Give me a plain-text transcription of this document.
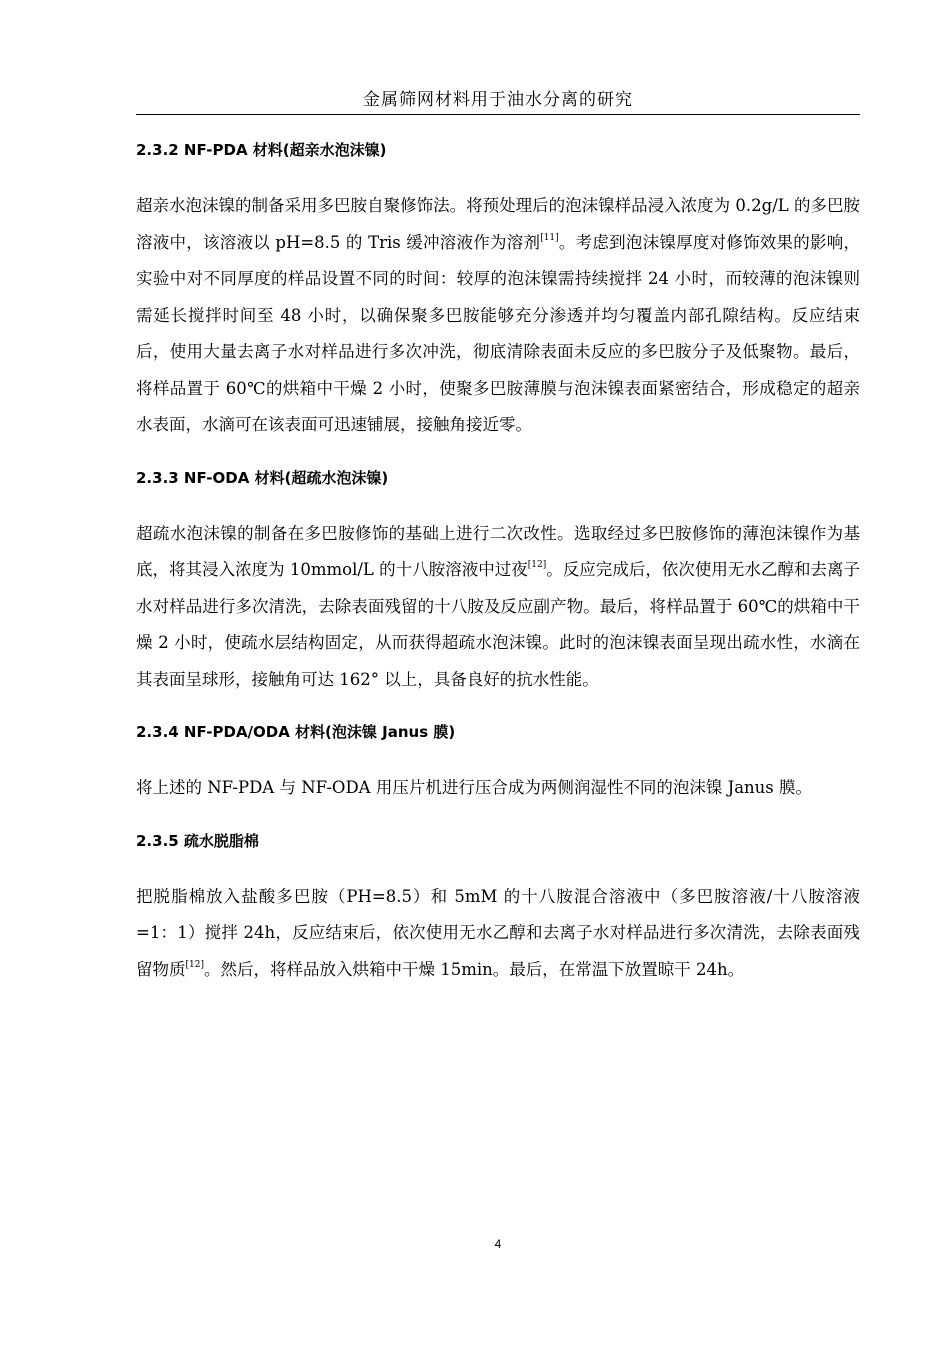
金属筛网材料用于油水分离的研究
2.3.2 NF-PDA 材料(超亲水泡沫镍)

超亲水泡沫镍的制备采用多巴胺自聚修饰法。将预处理后的泡沫镍样品浸入浓度为 0.2g/L 的多巴胺溶液中，该溶液以 pH=8.5 的 Tris 缓冲溶液作为溶剂[11]。考虑到泡沫镍厚度对修饰效果的影响，实验中对不同厚度的样品设置不同的时间：较厚的泡沫镍需持续搅拌 24 小时，而较薄的泡沫镍则需延长搅拌时间至 48 小时，以确保聚多巴胺能够充分渗透并均匀覆盖内部孔隙结构。反应结束后，使用大量去离子水对样品进行多次冲洗，彻底清除表面未反应的多巴胺分子及低聚物。最后，将样品置于 60℃的烘箱中干燥 2 小时，使聚多巴胺薄膜与泡沫镍表面紧密结合，形成稳定的超亲水表面，水滴可在该表面可迅速铺展，接触角接近零。

2.3.3 NF-ODA 材料(超疏水泡沫镍)

超疏水泡沫镍的制备在多巴胺修饰的基础上进行二次改性。选取经过多巴胺修饰的薄泡沫镍作为基底，将其浸入浓度为 10mmol/L 的十八胺溶液中过夜[12]。反应完成后，依次使用无水乙醇和去离子水对样品进行多次清洗，去除表面残留的十八胺及反应副产物。最后，将样品置于 60℃的烘箱中干燥 2 小时，使疏水层结构固定，从而获得超疏水泡沫镍。此时的泡沫镍表面呈现出疏水性，水滴在其表面呈球形，接触角可达 162° 以上，具备良好的抗水性能。

2.3.4 NF-PDA/ODA 材料(泡沫镍 Janus 膜)

将上述的 NF-PDA 与 NF-ODA 用压片机进行压合成为两侧润湿性不同的泡沫镍 Janus 膜。

2.3.5 疏水脱脂棉

把脱脂棉放入盐酸多巴胺（PH=8.5）和 5mM 的十八胺混合溶液中（多巴胺溶液/十八胺溶液=1：1）搅拌 24h，反应结束后，依次使用无水乙醇和去离子水对样品进行多次清洗，去除表面残留物质[12]。然后，将样品放入烘箱中干燥 15min。最后，在常温下放置晾干 24h。

4
